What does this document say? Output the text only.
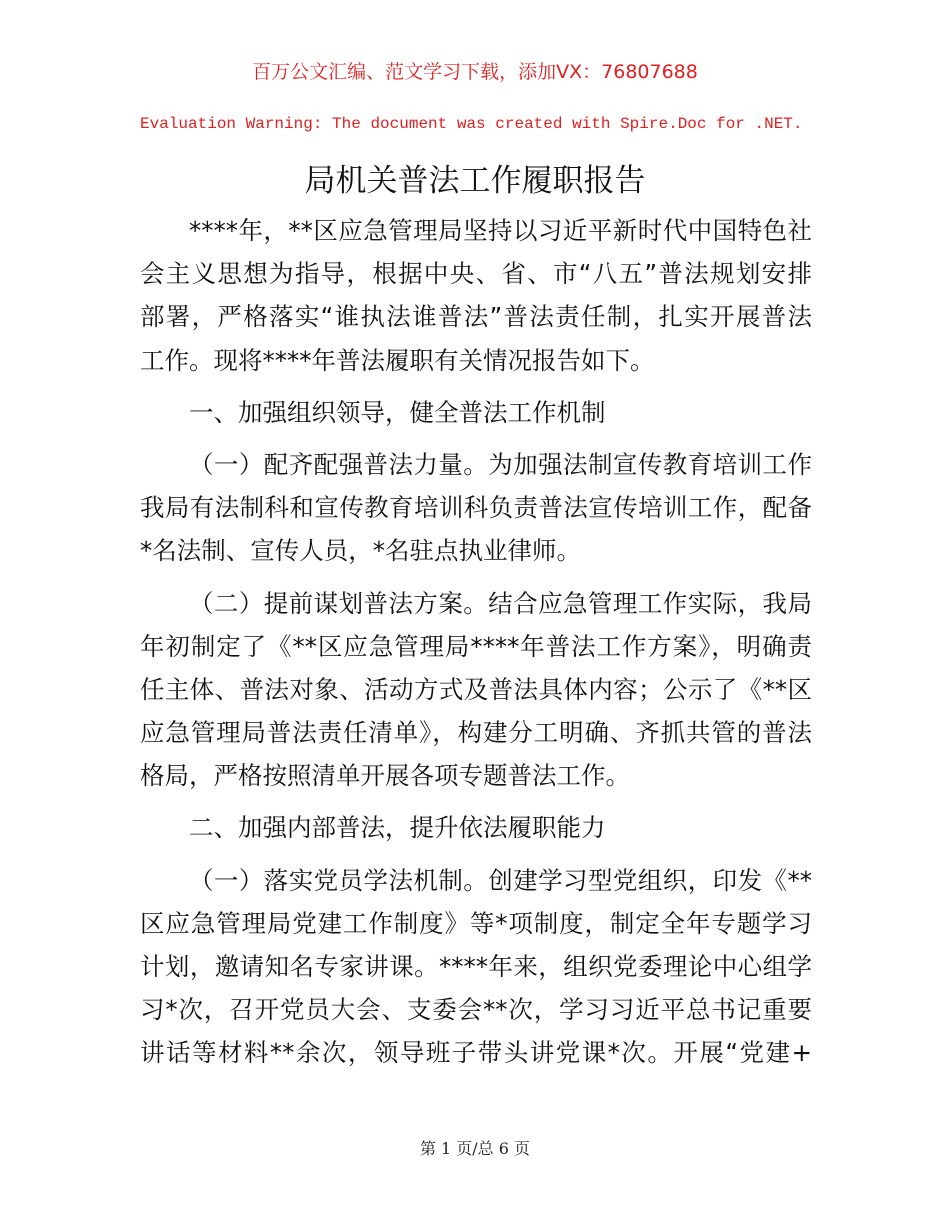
百万公文汇编、范文学习下载，添加VX：76807688
Evaluation Warning: The document was created with Spire.Doc for .NET.
局机关普法工作履职报告
****年，**区应急管理局坚持以习近平新时代中国特色社
会主义思想为指导，根据中央、省、市“八五”普法规划安排
部署，严格落实“谁执法谁普法”普法责任制，扎实开展普法
工作。现将****年普法履职有关情况报告如下。
一、加强组织领导，健全普法工作机制
（一）配齐配强普法力量。为加强法制宣传教育培训工作
我局有法制科和宣传教育培训科负责普法宣传培训工作，配备
*名法制、宣传人员，*名驻点执业律师。
（二）提前谋划普法方案。结合应急管理工作实际，我局
年初制定了《**区应急管理局****年普法工作方案》，明确责
任主体、普法对象、活动方式及普法具体内容；公示了《**区
应急管理局普法责任清单》，构建分工明确、齐抓共管的普法
格局，严格按照清单开展各项专题普法工作。
二、加强内部普法，提升依法履职能力
（一）落实党员学法机制。创建学习型党组织，印发《**
区应急管理局党建工作制度》等*项制度，制定全年专题学习
计划，邀请知名专家讲课。****年来，组织党委理论中心组学
习*次，召开党员大会、支委会**次，学习习近平总书记重要
讲话等材料**余次，领导班子带头讲党课*次。开展“党建+
第 1 页/总 6 页
